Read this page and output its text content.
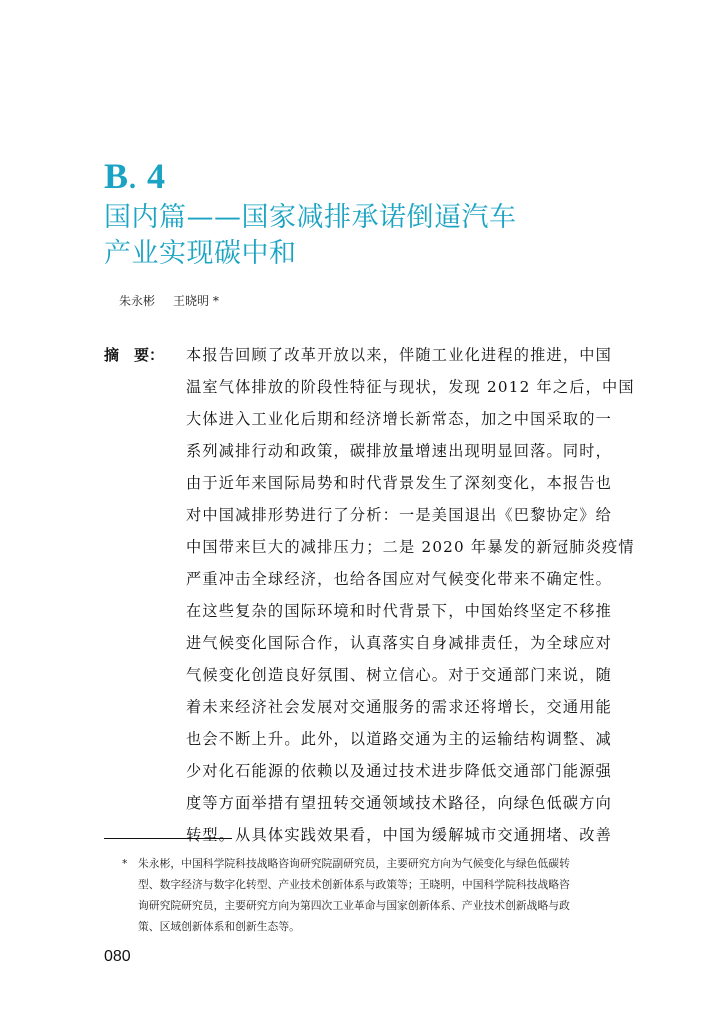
B. 4
国内篇——国家减排承诺倒逼汽车
产业实现碳中和
朱永彬 王晓明 *
摘　要： 本报告回顾了改革开放以来，伴随工业化进程的推进，中国
温室气体排放的阶段性特征与现状，发现 2012 年之后，中国
大体进入工业化后期和经济增长新常态，加之中国采取的一
系列减排行动和政策，碳排放量增速出现明显回落。同时，
由于近年来国际局势和时代背景发生了深刻变化，本报告也
对中国减排形势进行了分析：一是美国退出《巴黎协定》给
中国带来巨大的减排压力；二是 2020 年暴发的新冠肺炎疫情
严重冲击全球经济，也给各国应对气候变化带来不确定性。
在这些复杂的国际环境和时代背景下，中国始终坚定不移推
进气候变化国际合作，认真落实自身减排责任，为全球应对
气候变化创造良好氛围、树立信心。对于交通部门来说，随
着未来经济社会发展对交通服务的需求还将增长，交通用能
也会不断上升。此外，以道路交通为主的运输结构调整、减
少对化石能源的依赖以及通过技术进步降低交通部门能源强
度等方面举措有望扭转交通领域技术路径，向绿色低碳方向
转型。从具体实践效果看，中国为缓解城市交通拥堵、改善
* 朱永彬，中国科学院科技战略咨询研究院副研究员，主要研究方向为气候变化与绿色低碳转
型、数字经济与数字化转型、产业技术创新体系与政策等；王晓明，中国科学院科技战略咨
询研究院研究员，主要研究方向为第四次工业革命与国家创新体系、产业技术创新战略与政
策、区域创新体系和创新生态等。
080
